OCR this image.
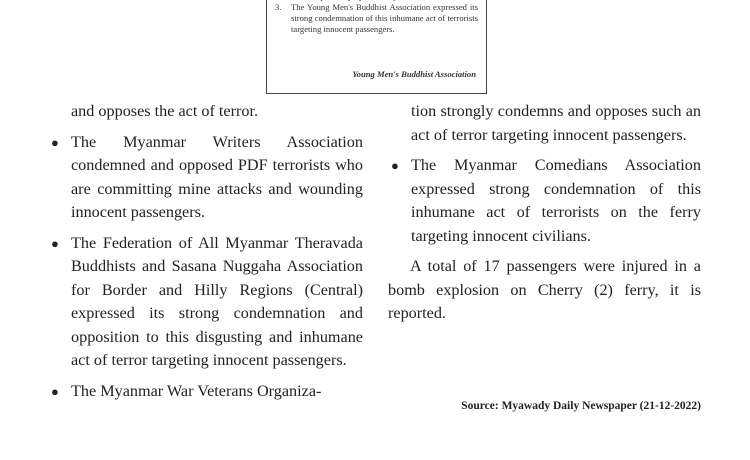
3.	The Young Men's Buddhist Association expressed its strong condemnation of this inhumane act of terrorists targeting innocent passengers.
Young Men's Buddhist Association
and opposes the act of terror.
● The Myanmar Writers Association condemned and opposed PDF terrorists who are committing mine attacks and wounding innocent passengers.
● The Federation of All Myanmar Theravada Buddhists and Sasana Nuggaha Association for Border and Hilly Regions (Central) expressed its strong condemnation and opposition to this disgusting and inhumane act of terror targeting innocent passengers.
● The Myanmar War Veterans Organiza-
tion strongly condemns and opposes such an act of terror targeting innocent passengers.
● The Myanmar Comedians Association expressed strong condemnation of this inhumane act of terrorists on the ferry targeting innocent civilians.
A total of 17 passengers were injured in a bomb explosion on Cherry (2) ferry, it is reported.
Source: Myawady Daily Newspaper (21-12-2022)
